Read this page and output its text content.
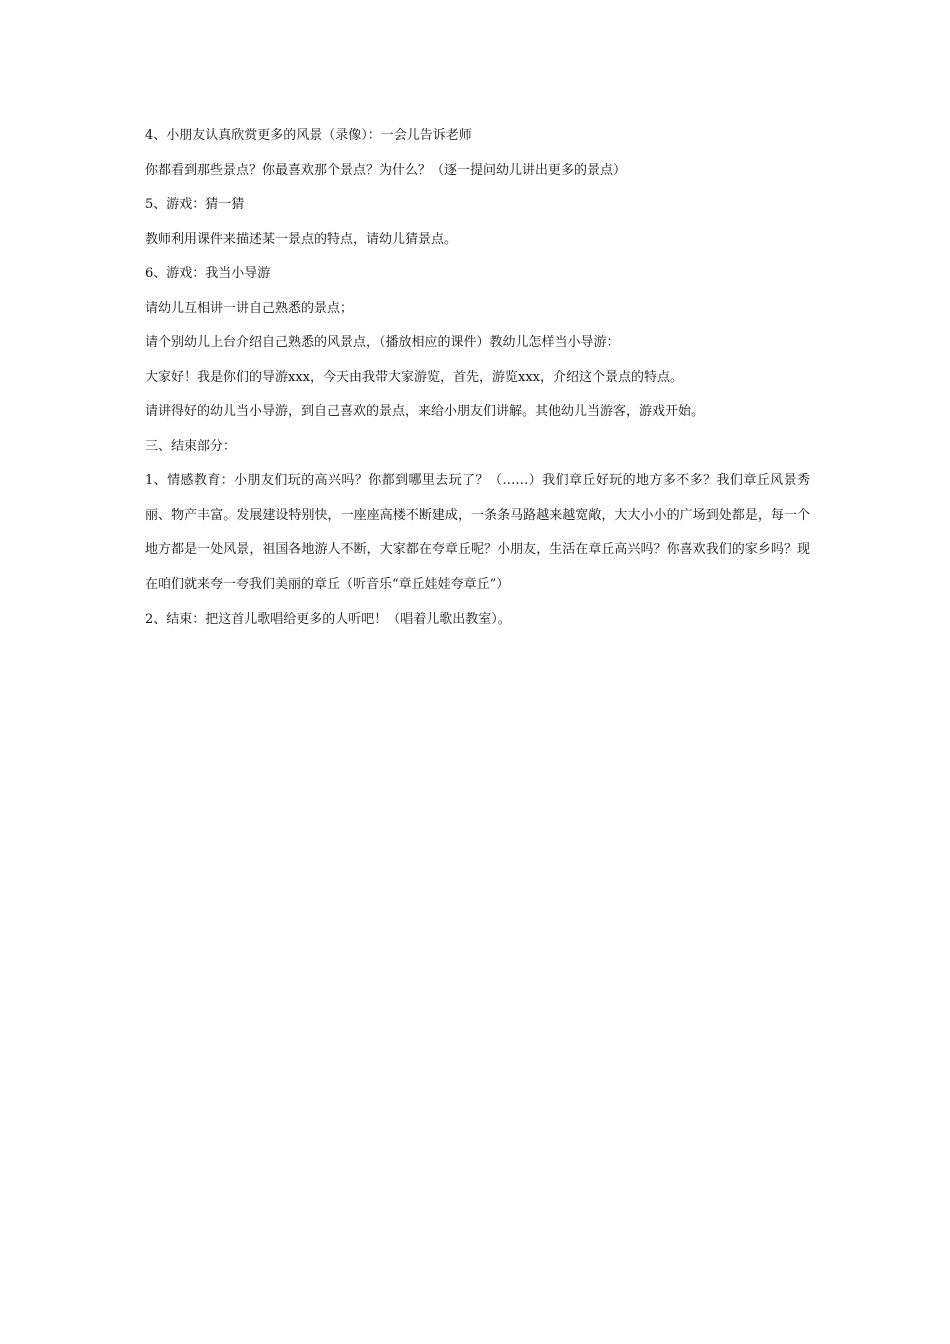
4、小朋友认真欣赏更多的风景（录像）：一会儿告诉老师

你都看到那些景点？你最喜欢那个景点？为什么？（逐一提问幼儿讲出更多的景点）

5、游戏：猜一猜

教师利用课件来描述某一景点的特点，请幼儿猜景点。

6、游戏：我当小导游

请幼儿互相讲一讲自己熟悉的景点；

请个别幼儿上台介绍自己熟悉的风景点，（播放相应的课件）教幼儿怎样当小导游：

大家好！我是你们的导游xxx，今天由我带大家游览，首先，游览xxx，介绍这个景点的特点。

请讲得好的幼儿当小导游，到自己喜欢的景点，来给小朋友们讲解。其他幼儿当游客，游戏开始。

三、结束部分：

1、情感教育：小朋友们玩的高兴吗？你都到哪里去玩了？（……）我们章丘好玩的地方多不多？我们章丘风景秀丽、物产丰富。发展建设特别快，一座座高楼不断建成，一条条马路越来越宽敞，大大小小的广场到处都是，每一个地方都是一处风景，祖国各地游人不断，大家都在夸章丘呢？小朋友，生活在章丘高兴吗？你喜欢我们的家乡吗？现在咱们就来夸一夸我们美丽的章丘（听音乐“章丘娃娃夸章丘”）

2、结束：把这首儿歌唱给更多的人听吧！（唱着儿歌出教室）。
